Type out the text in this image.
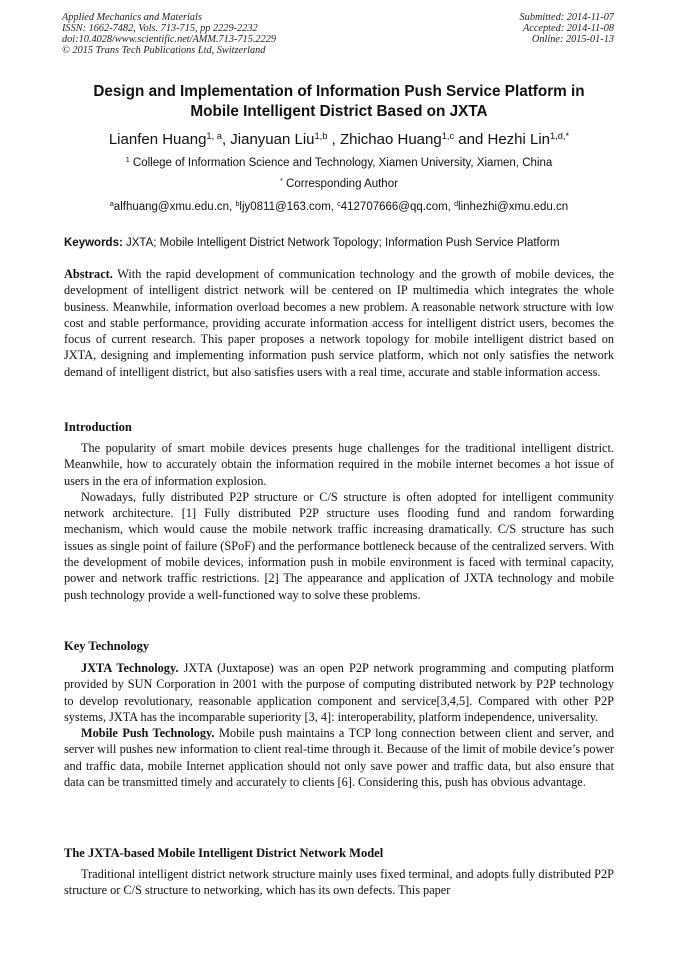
Applied Mechanics and Materials
ISSN: 1662-7482, Vols. 713-715, pp 2229-2232
doi:10.4028/www.scientific.net/AMM.713-715.2229
© 2015 Trans Tech Publications Ltd, Switzerland
Submitted: 2014-11-07
Accepted: 2014-11-08
Online: 2015-01-13
Design and Implementation of Information Push Service Platform in
Mobile Intelligent District Based on JXTA
Lianfen Huang$^{1, a}$, Jianyuan Liu$^{1,b}$ , Zhichao Huang$^{1,c}$ and Hezhi Lin$^{1,d,*}$
$^1$ College of Information Science and Technology, Xiamen University, Xiamen, China
* Corresponding Author
$^a$alfhuang@xmu.edu.cn, $^b$ljy0811@163.com, $^c$412707666@qq.com, $^d$linhezhi@xmu.edu.cn
Keywords: JXTA; Mobile Intelligent District Network Topology; Information Push Service Platform

Abstract. With the rapid development of communication technology and the growth of mobile devices, the development of intelligent district network will be centered on IP multimedia which integrates the whole business. Meanwhile, information overload becomes a new problem. A reasonable network structure with low cost and stable performance, providing accurate information access for intelligent district users, becomes the focus of current research. This paper proposes a network topology for mobile intelligent district based on JXTA, designing and implementing information push service platform, which not only satisfies the network demand of intelligent district, but also satisfies users with a real time, accurate and stable information access.

Introduction

The popularity of smart mobile devices presents huge challenges for the traditional intelligent district. Meanwhile, how to accurately obtain the information required in the mobile internet becomes a hot issue of users in the era of information explosion.

Nowadays, fully distributed P2P structure or C/S structure is often adopted for intelligent community network architecture. [1] Fully distributed P2P structure uses flooding fund and random forwarding mechanism, which would cause the mobile network traffic increasing dramatically. C/S structure has such issues as single point of failure (SPoF) and the performance bottleneck because of the centralized servers. With the development of mobile devices, information push in mobile environment is faced with terminal capacity, power and network traffic restrictions. [2] The appearance and application of JXTA technology and mobile push technology provide a well-functioned way to solve these problems.

Key Technology

JXTA Technology. JXTA (Juxtapose) was an open P2P network programming and computing platform provided by SUN Corporation in 2001 with the purpose of computing distributed network by P2P technology to develop revolutionary, reasonable application component and service[3,4,5]. Compared with other P2P systems, JXTA has the incomparable superiority [3, 4]: interoperability, platform independence, universality.

Mobile Push Technology. Mobile push maintains a TCP long connection between client and server, and server will pushes new information to client real-time through it. Because of the limit of mobile device’s power and traffic data, mobile Internet application should not only save power and traffic data, but also ensure that data can be transmitted timely and accurately to clients [6]. Considering this, push has obvious advantage.

The JXTA-based Mobile Intelligent District Network Model

Traditional intelligent district network structure mainly uses fixed terminal, and adopts fully distributed P2P structure or C/S structure to networking, which has its own defects. This paper
